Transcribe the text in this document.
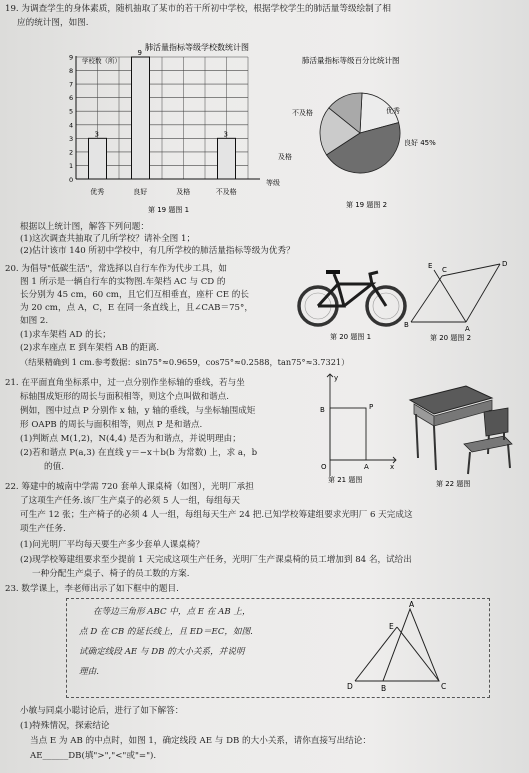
19. 为调查学生的身体素质，随机抽取了某市的若干所初中学校，根据学校学生的肺活量等级绘制了相
应的统计图，如图.
肺活量指标等级学校数统计图
学校数（所）
等级
1
2
3
4
5
6
7
8
9
0
3
优秀
9
良好	及格
3
不及格
第 19 题图 1
肺活量指标等级百分比统计图
优秀
良好 45%
及格
不及格
第 19 题图 2
根据以上统计图，解答下列问题：
(1)这次调查共抽取了几所学校？请补全图 1；
(2)估计该市 140 所初中学校中，有几所学校的肺活量指标等级为优秀？
20. 为倡导"低碳生活"，常选择以自行车作为代步工具，如
图 1 所示是一辆自行车的实物图.车架档 AC 与 CD 的
长分别为 45 cm，60 cm，且它们互相垂直，座杆 CE 的长
为 20 cm，点 A，C，E 在同一条直线上，且∠CAB＝75°，
如图 2.
(1)求车架档 AD 的长；
(2)求车座点 E 到车架档 AB 的距离.
（结果精确到 1 cm.参考数据：sin75°≈0.9659，cos75°≈0.2588，tan75°≈3.7321）
第 20 题图 1
E C
D
B	A
第 20 题图 2
21. 在平面直角坐标系中，过一点分别作坐标轴的垂线，若与坐
标轴围成矩形的周长与面积相等，则这个点叫做和谐点.
例如，图中过点 P 分别作 x 轴，y 轴的垂线，与坐标轴围成矩
形 OAPB 的周长与面积相等，则点 P 是和谐点.
(1)判断点 M(1,2)，N(4,4) 是否为和谐点，并说明理由；
(2)若和谐点 P(a,3) 在直线 y＝−x＋b(b 为常数) 上，求 a，b
的值.
y
B	P
O	A	x
第 21 题图	第 22 题图
22. 筹建中的城南中学需 720 套单人课桌椅（如图），光明厂承担
了这项生产任务.该厂生产桌子的必须 5 人一组，每组每天
可生产 12 张；生产椅子的必须 4 人一组，每组每天生产 24 把.已知学校筹建组要求光明厂 6 天完成这
项生产任务.
(1)问光明厂平均每天要生产多少套单人课桌椅？
(2)现学校筹建组要求至少提前 1 天完成这项生产任务，光明厂生产课桌椅的员工增加到 84 名，试给出
一种分配生产桌子、椅子的员工数的方案.
23. 数学课上，李老师出示了如下框中的题目.
在等边三角形 ABC 中，点 E 在 AB 上，
点 D 在 CB 的延长线上，且 ED＝EC，如图.
试确定线段 AE 与 DB 的大小关系，并说明
理由.
A
E
D	B	C
小敏与同桌小聪讨论后，进行了如下解答：
(1)特殊情况，探索结论
当点 E 为 AB 的中点时，如图 1，确定线段 AE 与 DB 的大小关系，请你直接写出结论：
AE______DB(填">","<"或"=").
